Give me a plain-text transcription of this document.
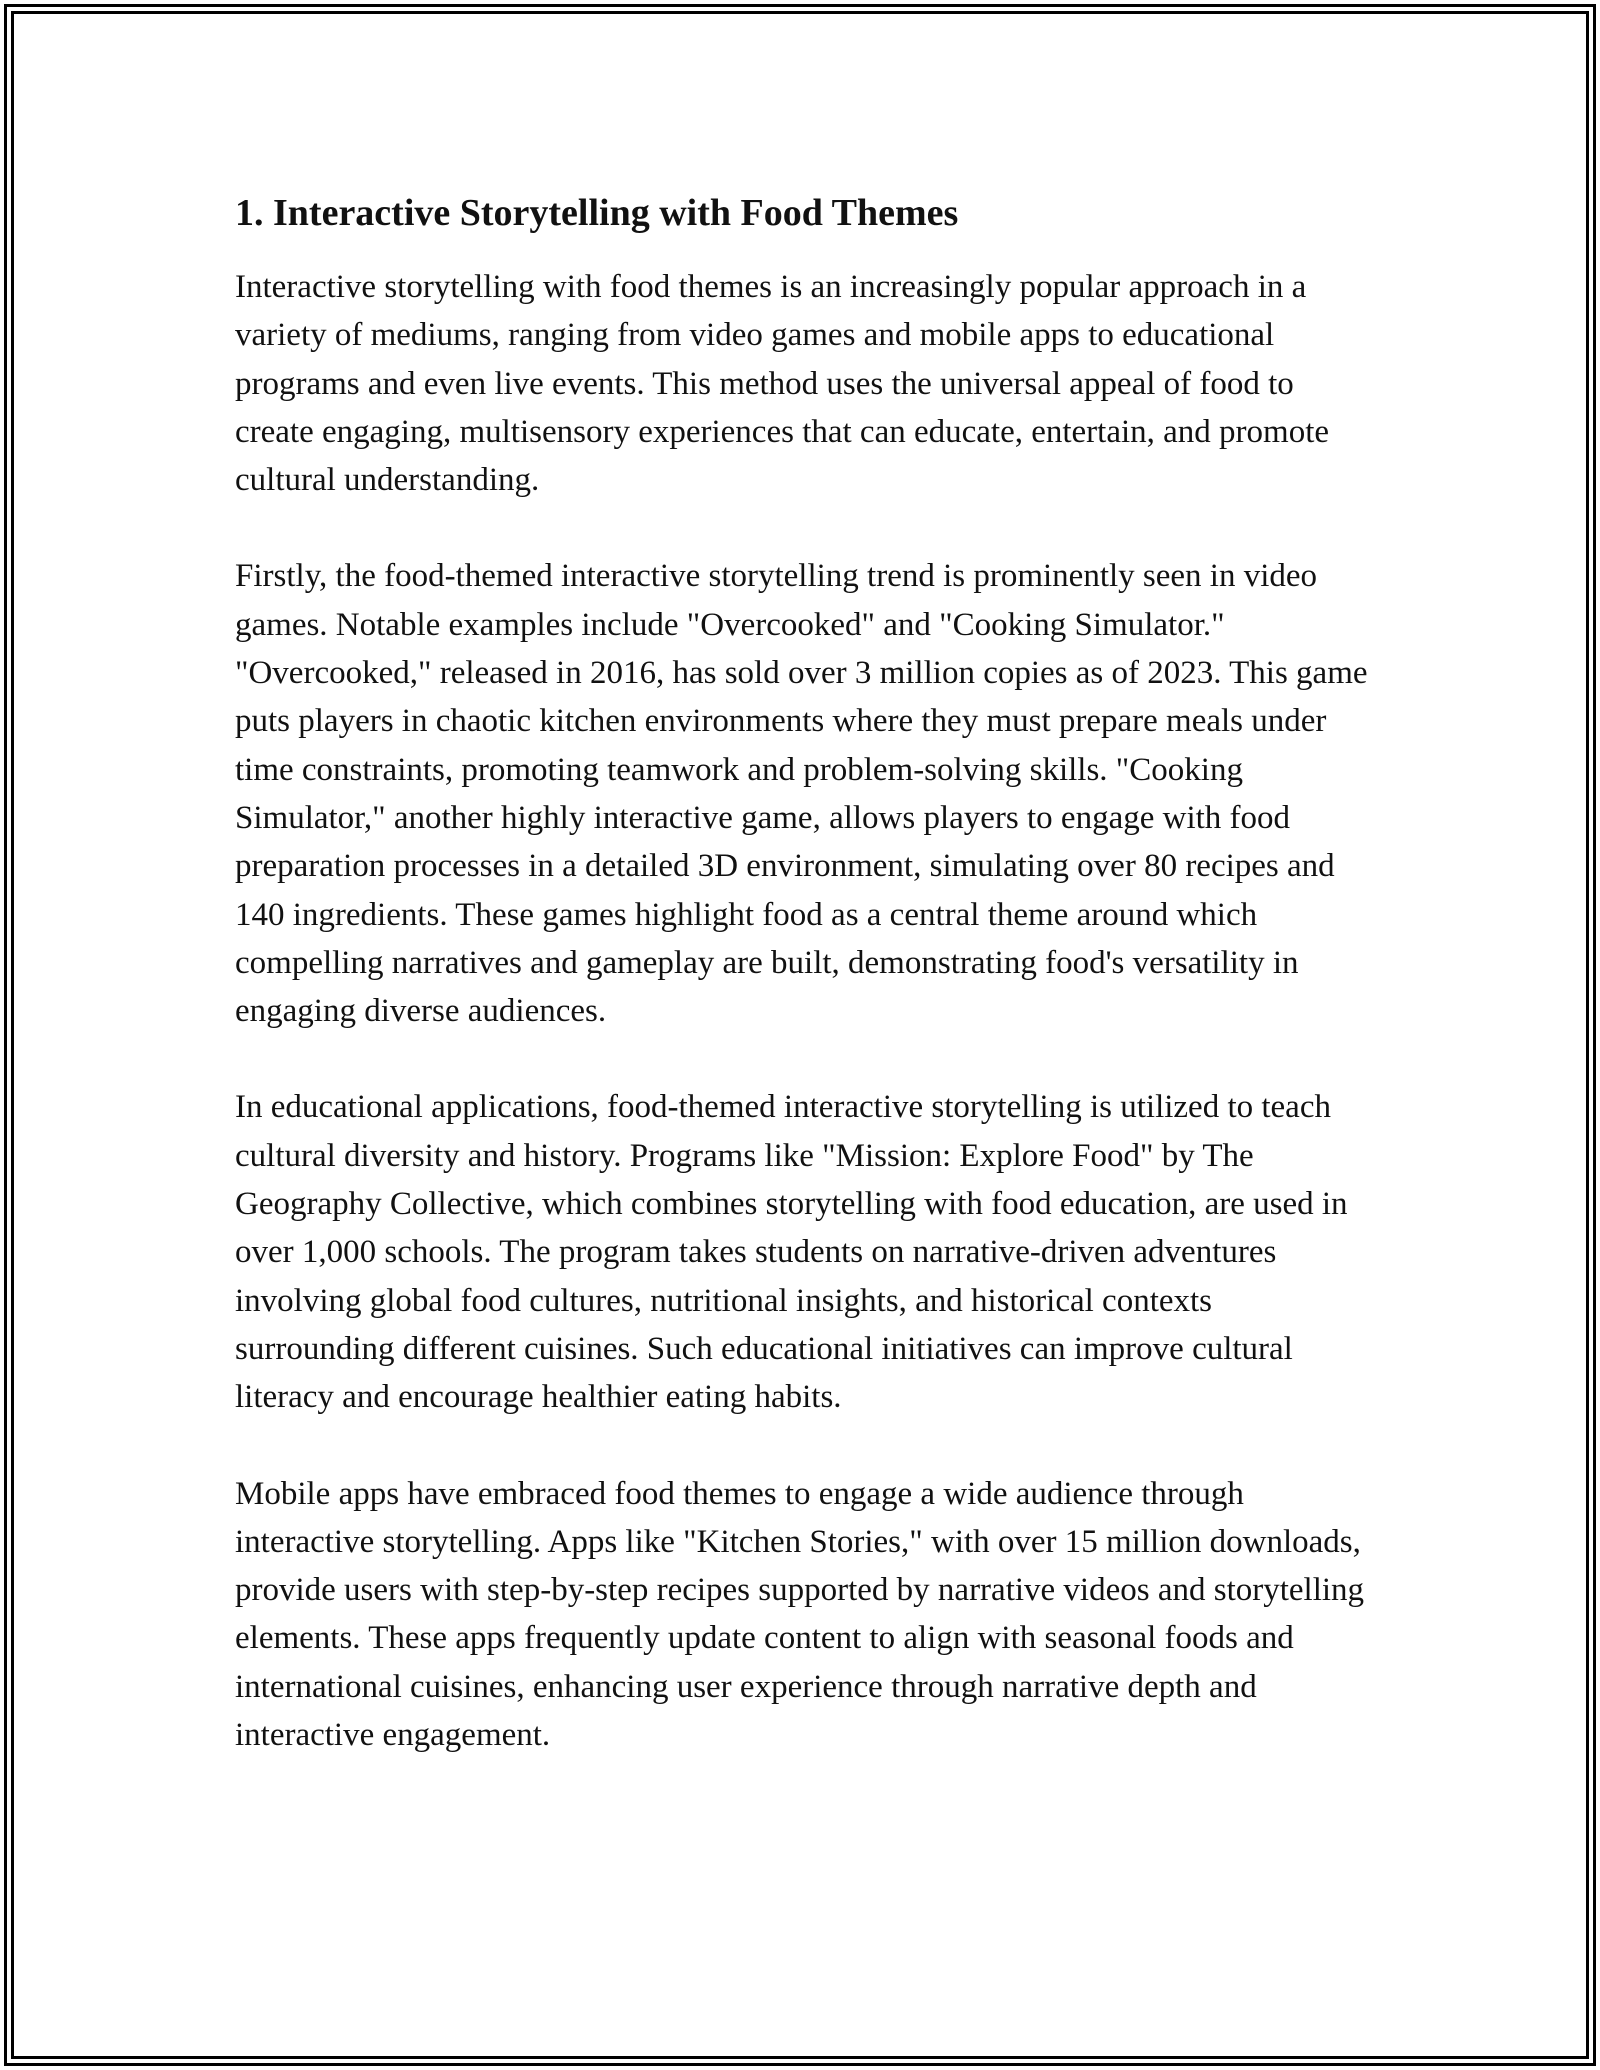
1. Interactive Storytelling with Food Themes

Interactive storytelling with food themes is an increasingly popular approach in a variety of mediums, ranging from video games and mobile apps to educational programs and even live events. This method uses the universal appeal of food to create engaging, multisensory experiences that can educate, entertain, and promote cultural understanding.

Firstly, the food-themed interactive storytelling trend is prominently seen in video games. Notable examples include "Overcooked" and "Cooking Simulator." "Overcooked," released in 2016, has sold over 3 million copies as of 2023. This game puts players in chaotic kitchen environments where they must prepare meals under time constraints, promoting teamwork and problem-solving skills. "Cooking Simulator," another highly interactive game, allows players to engage with food preparation processes in a detailed 3D environment, simulating over 80 recipes and 140 ingredients. These games highlight food as a central theme around which compelling narratives and gameplay are built, demonstrating food's versatility in engaging diverse audiences.

In educational applications, food-themed interactive storytelling is utilized to teach cultural diversity and history. Programs like "Mission: Explore Food" by The Geography Collective, which combines storytelling with food education, are used in over 1,000 schools. The program takes students on narrative-driven adventures involving global food cultures, nutritional insights, and historical contexts surrounding different cuisines. Such educational initiatives can improve cultural literacy and encourage healthier eating habits.

Mobile apps have embraced food themes to engage a wide audience through interactive storytelling. Apps like "Kitchen Stories," with over 15 million downloads, provide users with step-by-step recipes supported by narrative videos and storytelling elements. These apps frequently update content to align with seasonal foods and international cuisines, enhancing user experience through narrative depth and interactive engagement.
